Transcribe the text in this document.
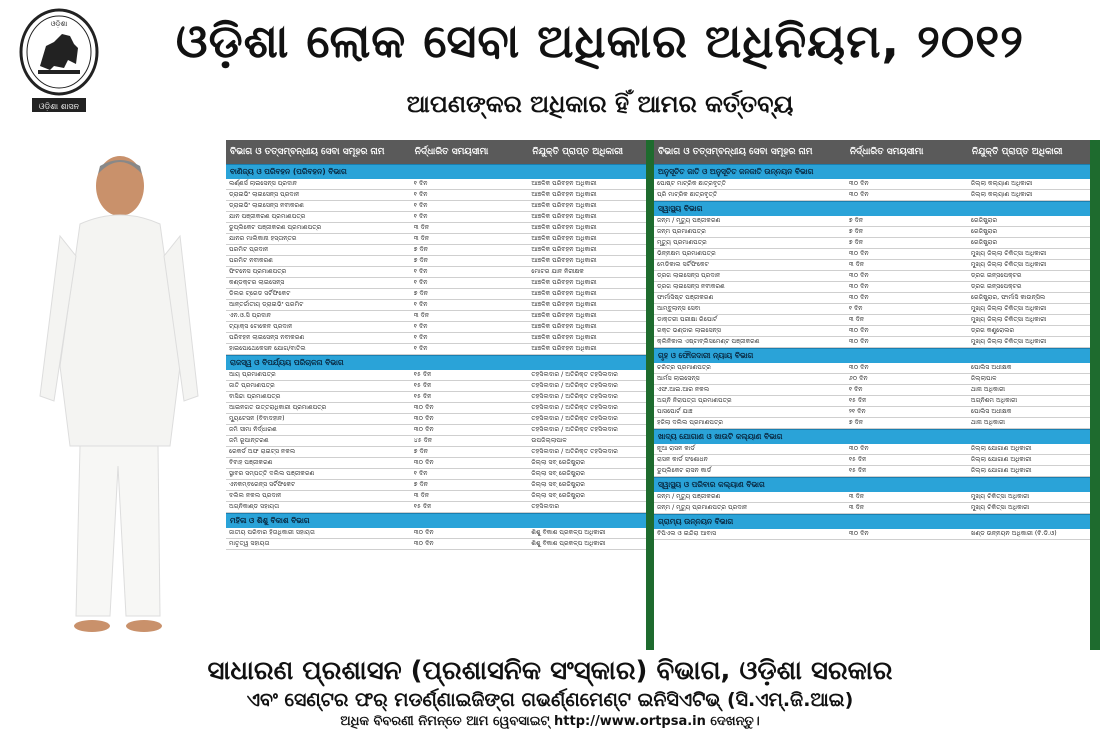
ଓଡ଼ିଶା ଶାସନ
ଓଡ଼ିଶା	ଓଡ଼ିଶା ଲୋକ ସେବା ଅଧିକାର ଅଧିନିୟମ, ୨୦୧୨
ଆପଣଙ୍କର ଅଧିକାର ହିଁ ଆମର କର୍ତ୍ତବ୍ୟ
ବିଭାଗ ଓ ତତ୍ସମ୍ବନ୍ଧୀୟ ସେବା ସମୂହର ନାମ	ନିର୍ଦ୍ଧାରିତ ସମୟସୀମା	ନିଯୁକ୍ତି ପ୍ରାପ୍ତ ଅଧିକାରୀ
ବାଣିଜ୍ୟ ଓ ପରିବହନ (ପରିବହନ) ବିଭାଗ
ଲର୍ଣ୍ଣର୍ସ ଲାଇସେନ୍ସ ପ୍ରଦାନ	୧ ଦିନ	ଆଞ୍ଚଳିକ ପରିବହନ ଅଧିକାରୀ
ଡ୍ରାଇଭିଂ ଲାଇସେନ୍ସ ପ୍ରଦାନ	୧ ଦିନ	ଆଞ୍ଚଳିକ ପରିବହନ ଅଧିକାରୀ
ଡ୍ରାଇଭିଂ ଲାଇସେନ୍ସ ନବୀକରଣ	୧ ଦିନ	ଆଞ୍ଚଳିକ ପରିବହନ ଅଧିକାରୀ
ଯାନ ପଞ୍ଜୀକରଣ ପ୍ରମାଣପତ୍ର	୧ ଦିନ	ଆଞ୍ଚଳିକ ପରିବହନ ଅଧିକାରୀ
ଡୁପ୍ଲିକେଟ ପଞ୍ଜୀକରଣ ପ୍ରମାଣପତ୍ର	୩ ଦିନ	ଆଞ୍ଚଳିକ ପରିବହନ ଅଧିକାରୀ
ଯାନର ମାଲିକାନା ହସ୍ତାନ୍ତର	୩ ଦିନ	ଆଞ୍ଚଳିକ ପରିବହନ ଅଧିକାରୀ
ପରମିଟ ପ୍ରଦାନ	୭ ଦିନ	ଆଞ୍ଚଳିକ ପରିବହନ ଅଧିକାରୀ
ପରମିଟ ନବୀକରଣ	୭ ଦିନ	ଆଞ୍ଚଳିକ ପରିବହନ ଅଧିକାରୀ
ଫିଟନେସ ପ୍ରମାଣପତ୍ର	୧ ଦିନ	ମୋଟର ଯାନ ନିରୀକ୍ଷକ
କଣ୍ଡକ୍ଟର ଲାଇସେନ୍ସ	୧ ଦିନ	ଆଞ୍ଚଳିକ ପରିବହନ ଅଧିକାରୀ
ଡିଲର ଟ୍ରେଡ ସର୍ଟିଫିକେଟ	୭ ଦିନ	ଆଞ୍ଚଳିକ ପରିବହନ ଅଧିକାରୀ
ଆନ୍ତର୍ଜାତୀୟ ଡ୍ରାଇଭିଂ ପରମିଟ	୧ ଦିନ	ଆଞ୍ଚଳିକ ପରିବହନ ଅଧିକାରୀ
ଏନ.ଓ.ସି ପ୍ରଦାନ	୩ ଦିନ	ଆଞ୍ଚଳିକ ପରିବହନ ଅଧିକାରୀ
ଟ୍ୟାକ୍ସ ଟୋକେନ ପ୍ରଦାନ	୧ ଦିନ	ଆଞ୍ଚଳିକ ପରିବହନ ଅଧିକାରୀ
ପରିବହନ ଲାଇସେନ୍ସ ନବୀକରଣ	୧ ଦିନ	ଆଞ୍ଚଳିକ ପରିବହନ ଅଧିକାରୀ
ହାଇପୋଥେକେସନ ଯୋଗ/ବାତିଲ	୧ ଦିନ	ଆଞ୍ଚଳିକ ପରିବହନ ଅଧିକାରୀ
ରାଜସ୍ୱ ଓ ବିପର୍ଯ୍ୟୟ ପରିଚାଳନା ବିଭାଗ
ଆୟ ପ୍ରମାଣପତ୍ର	୧୫ ଦିନ	ତହସିଲଦାର / ଅତିରିକ୍ତ ତହସିଲଦାର
ଜାତି ପ୍ରମାଣପତ୍ର	୧୫ ଦିନ	ତହସିଲଦାର / ଅତିରିକ୍ତ ତହସିଲଦାର
ବାସିନ୍ଦା ପ୍ରମାଣପତ୍ର	୧୫ ଦିନ	ତହସିଲଦାର / ଅତିରିକ୍ତ ତହସିଲଦାର
ଆଇନଗତ ଉତ୍ତରାଧିକାରୀ ପ୍ରମାଣପତ୍ର	୩୦ ଦିନ	ତହସିଲଦାର / ଅତିରିକ୍ତ ତହସିଲଦାର
ମ୍ୟୁଟେସନ (ବିବାଦହୀନ)	୩୦ ଦିନ	ତହସିଲଦାର / ଅତିରିକ୍ତ ତହସିଲଦାର
ଜମି ସୀମା ନିର୍ଦ୍ଧାରଣ	୩୦ ଦିନ	ତହସିଲଦାର / ଅତିରିକ୍ତ ତହସିଲଦାର
ଜମି ରୂପାନ୍ତରଣ	୪୫ ଦିନ	ଉପଜିଲ୍ଲାପାଳ
ରେକର୍ଡ ଅଫ ରାଇଟ୍ସ ନକଲ	୭ ଦିନ	ତହସିଲଦାର / ଅତିରିକ୍ତ ତହସିଲଦାର
ବିବାହ ପଞ୍ଜୀକରଣ	୩୦ ଦିନ	ଜିଲ୍ଲା ସବ୍ ରେଜିଷ୍ଟ୍ରାର
ସ୍ଥାବର ସମ୍ପତ୍ତି ଦଲିଲ ପଞ୍ଜୀକରଣ	୧ ଦିନ	ଜିଲ୍ଲା ସବ୍ ରେଜିଷ୍ଟ୍ରାର
ଏନକମ୍ବରେନ୍ସ ସର୍ଟିଫିକେଟ	୭ ଦିନ	ଜିଲ୍ଲା ସବ୍ ରେଜିଷ୍ଟ୍ରାର
ଦଲିଲ ନକଲ ପ୍ରଦାନ	୩ ଦିନ	ଜିଲ୍ଲା ସବ୍ ରେଜିଷ୍ଟ୍ରାର
ଅଗ୍ନିକାଣ୍ଡ ସହାୟତା	୧୫ ଦିନ	ତହସିଲଦାର
ମହିଳା ଓ ଶିଶୁ ବିକାଶ ବିଭାଗ
ଜାତୀୟ ପରିବାର ହିତାଧିକାରୀ ସହାୟତା	୩୦ ଦିନ	ଶିଶୁ ବିକାଶ ପ୍ରକଳ୍ପ ଅଧିକାରୀ
ମାତୃତ୍ୱ ସହାୟତା	୩୦ ଦିନ	ଶିଶୁ ବିକାଶ ପ୍ରକଳ୍ପ ଅଧିକାରୀ
ବିଭାଗ ଓ ତତ୍ସମ୍ବନ୍ଧୀୟ ସେବା ସମୂହର ନାମ	ନିର୍ଦ୍ଧାରିତ ସମୟସୀମା	ନିଯୁକ୍ତି ପ୍ରାପ୍ତ ଅଧିକାରୀ
ଅନୁସୂଚିତ ଜାତି ଓ ଅନୁସୂଚିତ ଜନଜାତି ଉନ୍ନୟନ ବିଭାଗ
ପୋଷ୍ଟ ମାଟ୍ରିକ ଛାତ୍ରବୃତ୍ତି	୩୦ ଦିନ	ଜିଲ୍ଲା କଲ୍ୟାଣ ଅଧିକାରୀ
ପ୍ରି ମାଟ୍ରିକ ଛାତ୍ରବୃତ୍ତି	୩୦ ଦିନ	ଜିଲ୍ଲା କଲ୍ୟାଣ ଅଧିକାରୀ
ସ୍ୱାସ୍ଥ୍ୟ ବିଭାଗ
ଜନ୍ମ / ମୃତ୍ୟୁ ପଞ୍ଜୀକରଣ	୭ ଦିନ	ରେଜିଷ୍ଟ୍ରାର
ଜନ୍ମ ପ୍ରମାଣପତ୍ର	୭ ଦିନ	ରେଜିଷ୍ଟ୍ରାର
ମୃତ୍ୟୁ ପ୍ରମାଣପତ୍ର	୭ ଦିନ	ରେଜିଷ୍ଟ୍ରାର
ଭିନ୍ନକ୍ଷମ ପ୍ରମାଣପତ୍ର	୩୦ ଦିନ	ମୁଖ୍ୟ ଜିଲ୍ଲା ଚିକିତ୍ସା ଅଧିକାରୀ
ମେଡିକାଲ ସର୍ଟିଫିକେଟ	୩ ଦିନ	ମୁଖ୍ୟ ଜିଲ୍ଲା ଚିକିତ୍ସା ଅଧିକାରୀ
ଡ୍ରଗ ଲାଇସେନ୍ସ ପ୍ରଦାନ	୩୦ ଦିନ	ଡ୍ରଗ ଇନ୍ସପେକ୍ଟର
ଡ୍ରଗ ଲାଇସେନ୍ସ ନବୀକରଣ	୩୦ ଦିନ	ଡ୍ରଗ ଇନ୍ସପେକ୍ଟର
ଫାର୍ମାସିଷ୍ଟ ପଞ୍ଜୀକରଣ	୩୦ ଦିନ	ରେଜିଷ୍ଟ୍ରାର, ଫାର୍ମାସି କାଉନ୍ସିଲ
ଆମ୍ବୁଲାନ୍ସ ସେବା	୧ ଦିନ	ମୁଖ୍ୟ ଜିଲ୍ଲା ଚିକିତ୍ସା ଅଧିକାରୀ
ଡାକ୍ତରୀ ପରୀକ୍ଷା ରିପୋର୍ଟ	୩ ଦିନ	ମୁଖ୍ୟ ଜିଲ୍ଲା ଚିକିତ୍ସା ଅଧିକାରୀ
ରକ୍ତ ଭଣ୍ଡାର ଲାଇସେନ୍ସ	୩୦ ଦିନ	ଡ୍ରଗ କଣ୍ଟ୍ରୋଲର
କ୍ଲିନିକାଲ ଏଷ୍ଟାବ୍ଲିସମେଣ୍ଟ ପଞ୍ଜୀକରଣ	୩୦ ଦିନ	ମୁଖ୍ୟ ଜିଲ୍ଲା ଚିକିତ୍ସା ଅଧିକାରୀ
ଗୃହ ଓ ଫୌଜଦାରୀ ନ୍ୟାୟ ବିଭାଗ
ଚରିତ୍ର ପ୍ରମାଣପତ୍ର	୩୦ ଦିନ	ପୋଲିସ ଅଧୀକ୍ଷକ
ଆର୍ମସ ଲାଇସେନ୍ସ	୬୦ ଦିନ	ଜିଲ୍ଲାପାଳ
ଏଫ.ଆଇ.ଆର ନକଲ	୧ ଦିନ	ଥାନା ଅଧିକାରୀ
ଅଗ୍ନି ନିରାପତ୍ତା ପ୍ରମାଣପତ୍ର	୧୫ ଦିନ	ଅଗ୍ନିଶମ ଅଧିକାରୀ
ପାସପୋର୍ଟ ଯାଞ୍ଚ	୨୧ ଦିନ	ପୋଲିସ ଅଧୀକ୍ଷକ
ହଜିଲା ଦଲିଲ ପ୍ରମାଣପତ୍ର	୭ ଦିନ	ଥାନା ଅଧିକାରୀ
ଖାଦ୍ୟ ଯୋଗାଣ ଓ ଖାଉଟି କଲ୍ୟାଣ ବିଭାଗ
ନୂଆ ରାସନ କାର୍ଡ	୩୦ ଦିନ	ଜିଲ୍ଲା ଯୋଗାଣ ଅଧିକାରୀ
ରାସନ କାର୍ଡ ସଂଶୋଧନ	୧୫ ଦିନ	ଜିଲ୍ଲା ଯୋଗାଣ ଅଧିକାରୀ
ଡୁପ୍ଲିକେଟ ରାସନ କାର୍ଡ	୧୫ ଦିନ	ଜିଲ୍ଲା ଯୋଗାଣ ଅଧିକାରୀ
ସ୍ୱାସ୍ଥ୍ୟ ଓ ପରିବାର କଲ୍ୟାଣ ବିଭାଗ
ଜନ୍ମ / ମୃତ୍ୟୁ ପଞ୍ଜୀକରଣ	୩ ଦିନ	ମୁଖ୍ୟ ଚିକିତ୍ସା ଅଧିକାରୀ
ଜନ୍ମ / ମୃତ୍ୟୁ ପ୍ରମାଣପତ୍ର ପ୍ରଦାନ	୩ ଦିନ	ମୁଖ୍ୟ ଚିକିତ୍ସା ଅଧିକାରୀ
ଗ୍ରାମ୍ୟ ଉନ୍ନୟନ ବିଭାଗ
ବିପିଏଲ ଓ ଇନ୍ଦିରା ଆବାସ	୩୦ ଦିନ	ଖଣ୍ଡ ଉନ୍ନୟନ ଅଧିକାରୀ (ବି.ଡି.ଓ)
ସାଧାରଣ ପ୍ରଶାସନ (ପ୍ରଶାସନିକ ସଂସ୍କାର) ବିଭାଗ, ଓଡ଼ିଶା ସରକାର
ଏବଂ ସେଣ୍ଟର ଫର୍ ମଡର୍ଣ୍ଣାଇଜିଙ୍ଗ ଗଭର୍ଣ୍ଣମେଣ୍ଟ ଇନିସିଏଟିଭ୍ (ସି.ଏମ୍.ଜି.ଆଇ)
ଅଧିକ ବିବରଣୀ ନିମନ୍ତେ ଆମ ୱେବସାଇଟ୍ http://www.ortpsa.in ଦେଖନ୍ତୁ।
